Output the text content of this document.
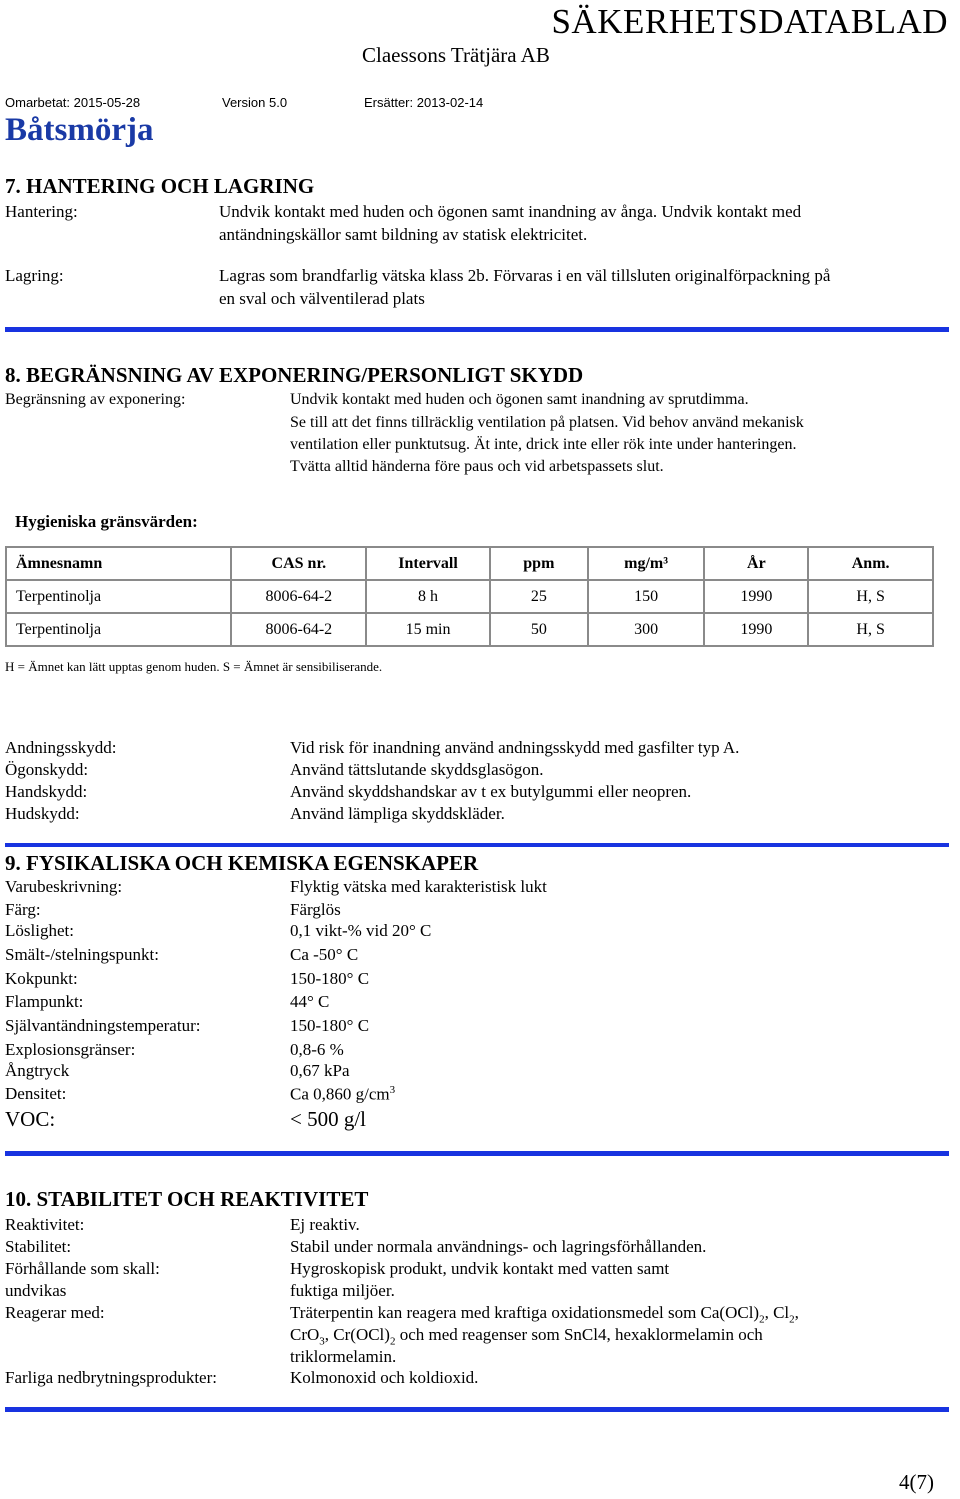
SÄKERHETSDATABLAD
Claessons Trätjära AB
Omarbetat: 2015-05-28	Version 5.0	Ersätter: 2013-02-14
Båtsmörja
7. HANTERING OCH LAGRING
Hantering:	Undvik kontakt med huden och ögonen samt inandning av ånga. Undvik kontakt med
antändningskällor samt bildning av statisk elektricitet.
Lagring:	Lagras som brandfarlig vätska klass 2b. Förvaras i en väl tillsluten originalförpackning på
en sval och välventilerad plats
8. BEGRÄNSNING AV EXPONERING/PERSONLIGT SKYDD
Begränsning av exponering:	Undvik kontakt med huden och ögonen samt inandning av sprutdimma.
Se till att det finns tillräcklig ventilation på platsen. Vid behov använd mekanisk
ventilation eller punktutsug. Ät inte, drick inte eller rök inte under hanteringen.
Tvätta alltid händerna före paus och vid arbetspassets slut.
Hygieniska gränsvärden:
Ämnesnamn	CAS nr.	Intervall	ppm	mg/m³	År	Anm.
Terpentinolja	8006-64-2	8 h	25	150	1990	H, S
Terpentinolja	8006-64-2	15 min	50	300	1990	H, S
H = Ämnet kan lätt upptas genom huden. S = Ämnet är sensibiliserande.
Andningsskydd:	Vid risk för inandning använd andningsskydd med gasfilter typ A.
Ögonskydd:	Använd tättslutande skyddsglasögon.
Handskydd:	Använd skyddshandskar av t ex butylgummi eller neopren.
Hudskydd:	Använd lämpliga skyddskläder.
9. FYSIKALISKA OCH KEMISKA EGENSKAPER
Varubeskrivning:	Flyktig vätska med karakteristisk lukt
Färg:	Färglös
Löslighet:	0,1 vikt-% vid 20° C
Smält-/stelningspunkt:	Ca -50° C
Kokpunkt:	150-180° C
Flampunkt:	44° C
Självantändningstemperatur:	150-180° C
Explosionsgränser:	0,8-6 %
Ångtryck	0,67 kPa
Densitet:	Ca 0,860 $g/cm^3$
VOC:	< 500 g/l
10. STABILITET OCH REAKTIVITET
Reaktivitet:	Ej reaktiv.
Stabilitet:	Stabil under normala användnings- och lagringsförhållanden.
Förhållande som skall:	Hygroskopisk produkt, undvik kontakt med vatten samt
undvikas	fuktiga miljöer.
Reagerar med:	Träterpentin kan reagera med kraftiga oxidationsmedel som $Ca(OCl)_2$, $Cl_2$,
CrO$_3$, $Cr(OCl)_2$ och med reagenser som SnCl4, hexaklormelamin och
triklormelamin.
Farliga nedbrytningsprodukter:	Kolmonoxid och koldioxid.
4(7)
